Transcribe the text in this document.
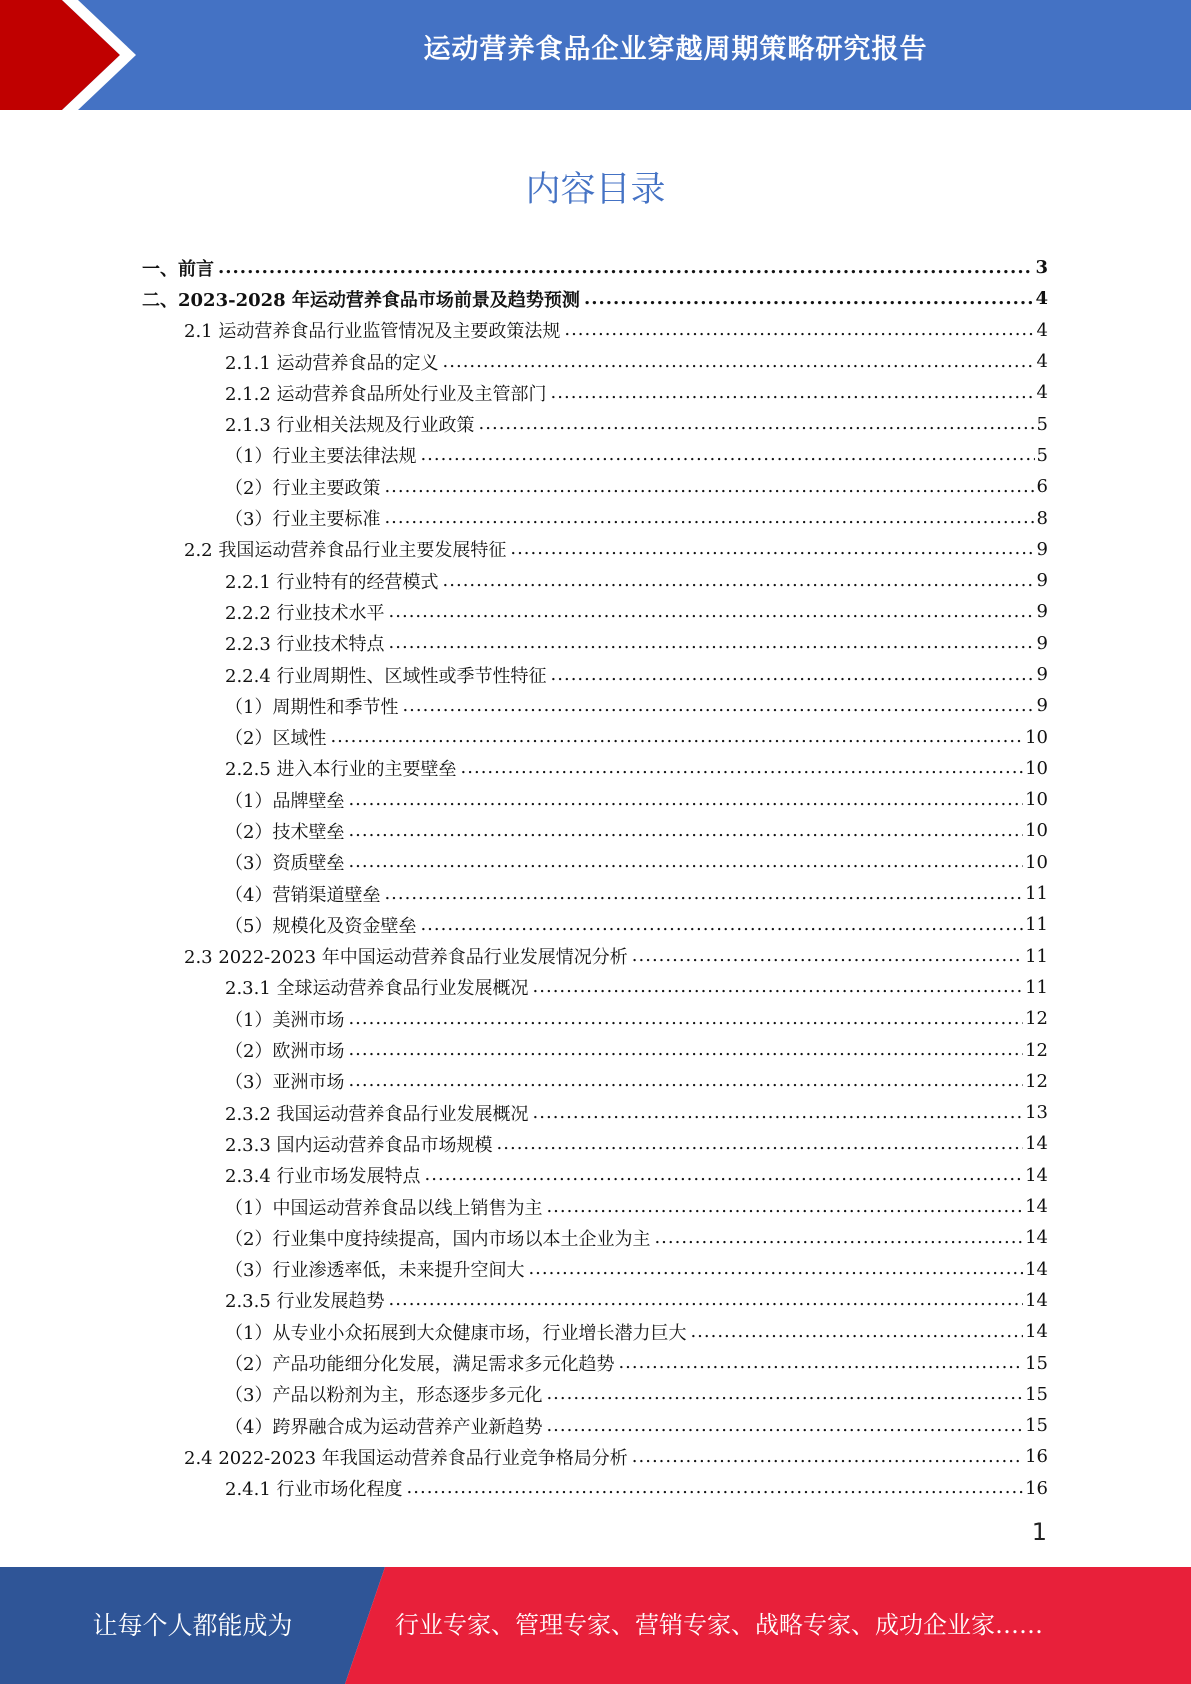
运动营养食品企业穿越周期策略研究报告
内容目录
一、前言 .....	3
二、2023-2028 年运动营养食品市场前景及趋势预测 .....	4
2.1 运动营养食品行业监管情况及主要政策法规 .....	4
2.1.1 运动营养食品的定义 .....	4
2.1.2 运动营养食品所处行业及主管部门 .....	4
2.1.3 行业相关法规及行业政策 .....	5
（1）行业主要法律法规 .....	5
（2）行业主要政策 .....	6
（3）行业主要标准 .....	8
2.2 我国运动营养食品行业主要发展特征 .....	9
2.2.1 行业特有的经营模式 .....	9
2.2.2 行业技术水平 .....	9
2.2.3 行业技术特点 .....	9
2.2.4 行业周期性、区域性或季节性特征 .....	9
（1）周期性和季节性 .....	9
（2）区域性 .....	10
2.2.5 进入本行业的主要壁垒 .....	10
（1）品牌壁垒 .....	10
（2）技术壁垒 .....	10
（3）资质壁垒 .....	10
（4）营销渠道壁垒 .....	11
（5）规模化及资金壁垒 .....	11
2.3 2022-2023 年中国运动营养食品行业发展情况分析 .....	11
2.3.1 全球运动营养食品行业发展概况 .....	11
（1）美洲市场 .....	12
（2）欧洲市场 .....	12
（3）亚洲市场 .....	12
2.3.2 我国运动营养食品行业发展概况 .....	13
2.3.3 国内运动营养食品市场规模 .....	14
2.3.4 行业市场发展特点 .....	14
（1）中国运动营养食品以线上销售为主 .....	14
（2）行业集中度持续提高，国内市场以本土企业为主 .....	14
（3）行业渗透率低，未来提升空间大 .....	14
2.3.5 行业发展趋势 .....	14
（1）从专业小众拓展到大众健康市场，行业增长潜力巨大 .....	14
（2）产品功能细分化发展，满足需求多元化趋势 .....	15
（3）产品以粉剂为主，形态逐步多元化 .....	15
（4）跨界融合成为运动营养产业新趋势 .....	15
2.4 2022-2023 年我国运动营养食品行业竞争格局分析 .....	16
2.4.1 行业市场化程度 .....	16
1
让每个人都能成为	行业专家、管理专家、营销专家、战略专家、成功企业家……
